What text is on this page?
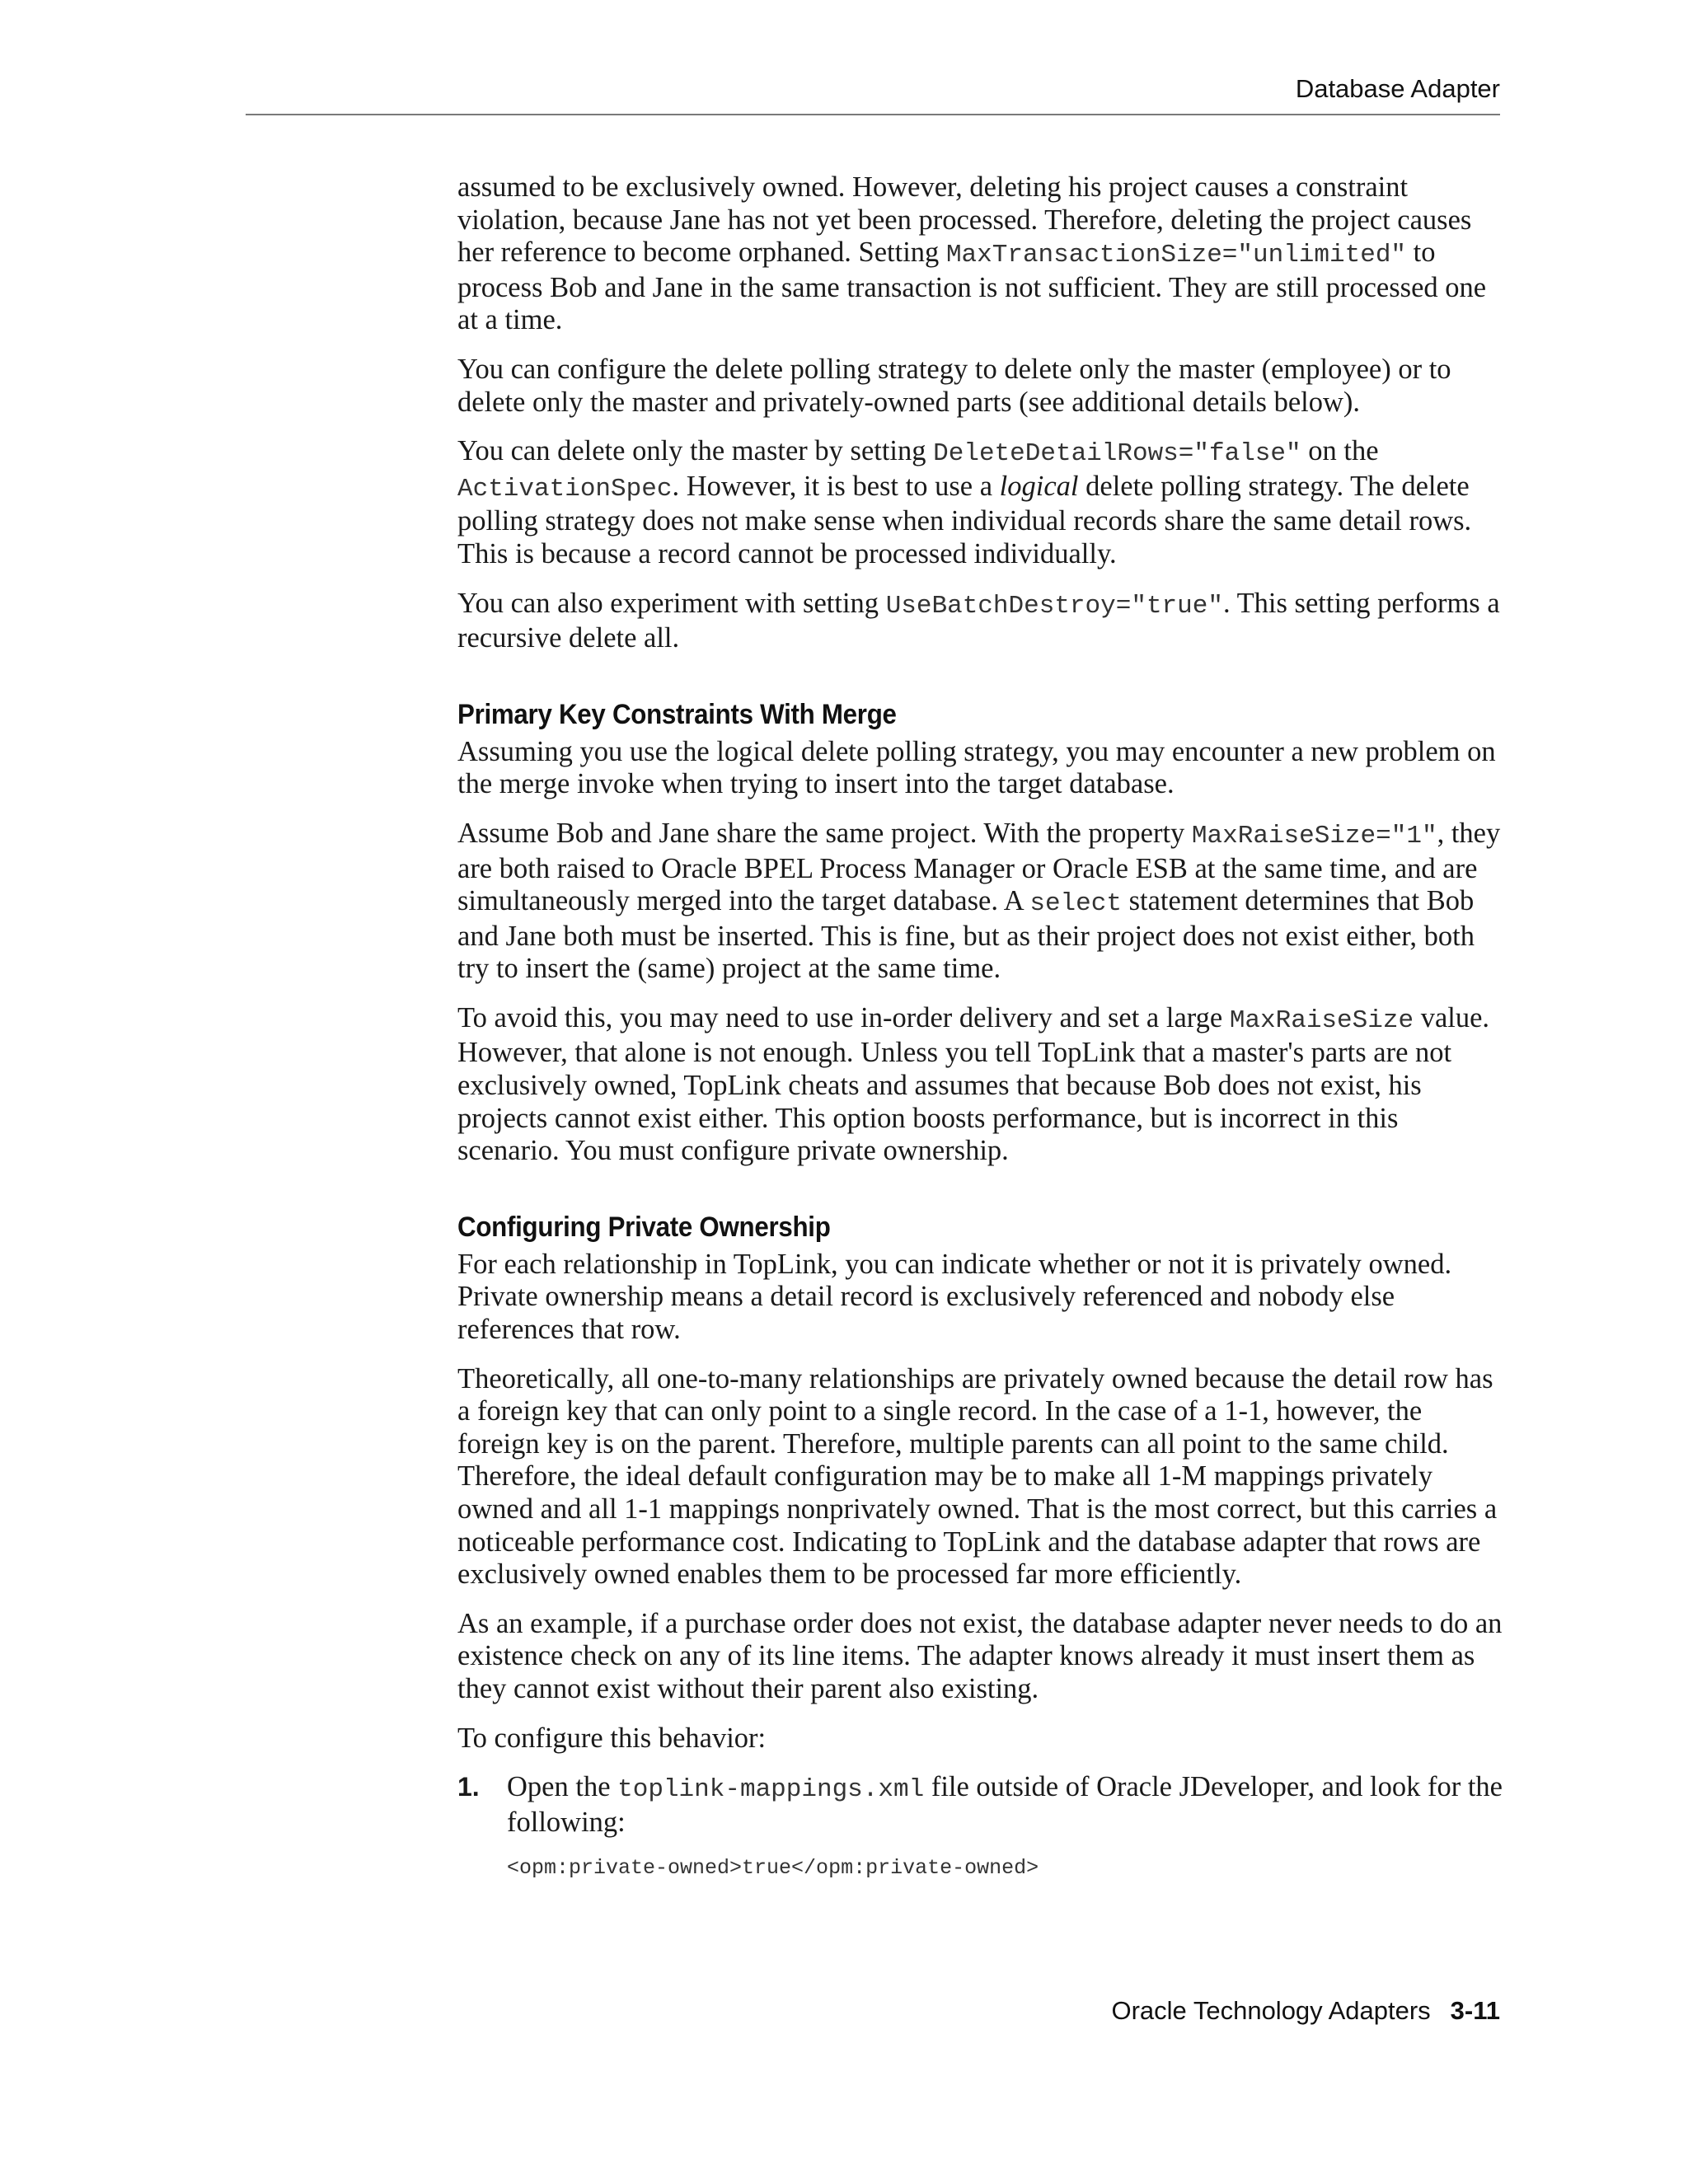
Database Adapter

assumed to be exclusively owned. However, deleting his project causes a constraint violation, because Jane has not yet been processed. Therefore, deleting the project causes her reference to become orphaned. Setting MaxTransactionSize="unlimited" to process Bob and Jane in the same transaction is not sufficient. They are still processed one at a time.

You can configure the delete polling strategy to delete only the master (employee) or to delete only the master and privately-owned parts (see additional details below).

You can delete only the master by setting DeleteDetailRows="false" on the ActivationSpec. However, it is best to use a logical delete polling strategy. The delete polling strategy does not make sense when individual records share the same detail rows. This is because a record cannot be processed individually.

You can also experiment with setting UseBatchDestroy="true". This setting performs a recursive delete all.

Primary Key Constraints With Merge

Assuming you use the logical delete polling strategy, you may encounter a new problem on the merge invoke when trying to insert into the target database.

Assume Bob and Jane share the same project. With the property MaxRaiseSize="1", they are both raised to Oracle BPEL Process Manager or Oracle ESB at the same time, and are simultaneously merged into the target database. A select statement determines that Bob and Jane both must be inserted. This is fine, but as their project does not exist either, both try to insert the (same) project at the same time.

To avoid this, you may need to use in-order delivery and set a large MaxRaiseSize value. However, that alone is not enough. Unless you tell TopLink that a master's parts are not exclusively owned, TopLink cheats and assumes that because Bob does not exist, his projects cannot exist either. This option boosts performance, but is incorrect in this scenario. You must configure private ownership.

Configuring Private Ownership

For each relationship in TopLink, you can indicate whether or not it is privately owned. Private ownership means a detail record is exclusively referenced and nobody else references that row.

Theoretically, all one-to-many relationships are privately owned because the detail row has a foreign key that can only point to a single record. In the case of a 1-1, however, the foreign key is on the parent. Therefore, multiple parents can all point to the same child. Therefore, the ideal default configuration may be to make all 1-M mappings privately owned and all 1-1 mappings nonprivately owned. That is the most correct, but this carries a noticeable performance cost. Indicating to TopLink and the database adapter that rows are exclusively owned enables them to be processed far more efficiently.

As an example, if a purchase order does not exist, the database adapter never needs to do an existence check on any of its line items. The adapter knows already it must insert them as they cannot exist without their parent also existing.

To configure this behavior:

1. Open the toplink-mappings.xml file outside of Oracle JDeveloper, and look for the following:
<opm:private-owned>true</opm:private-owned>
Oracle Technology Adapters 3-11
